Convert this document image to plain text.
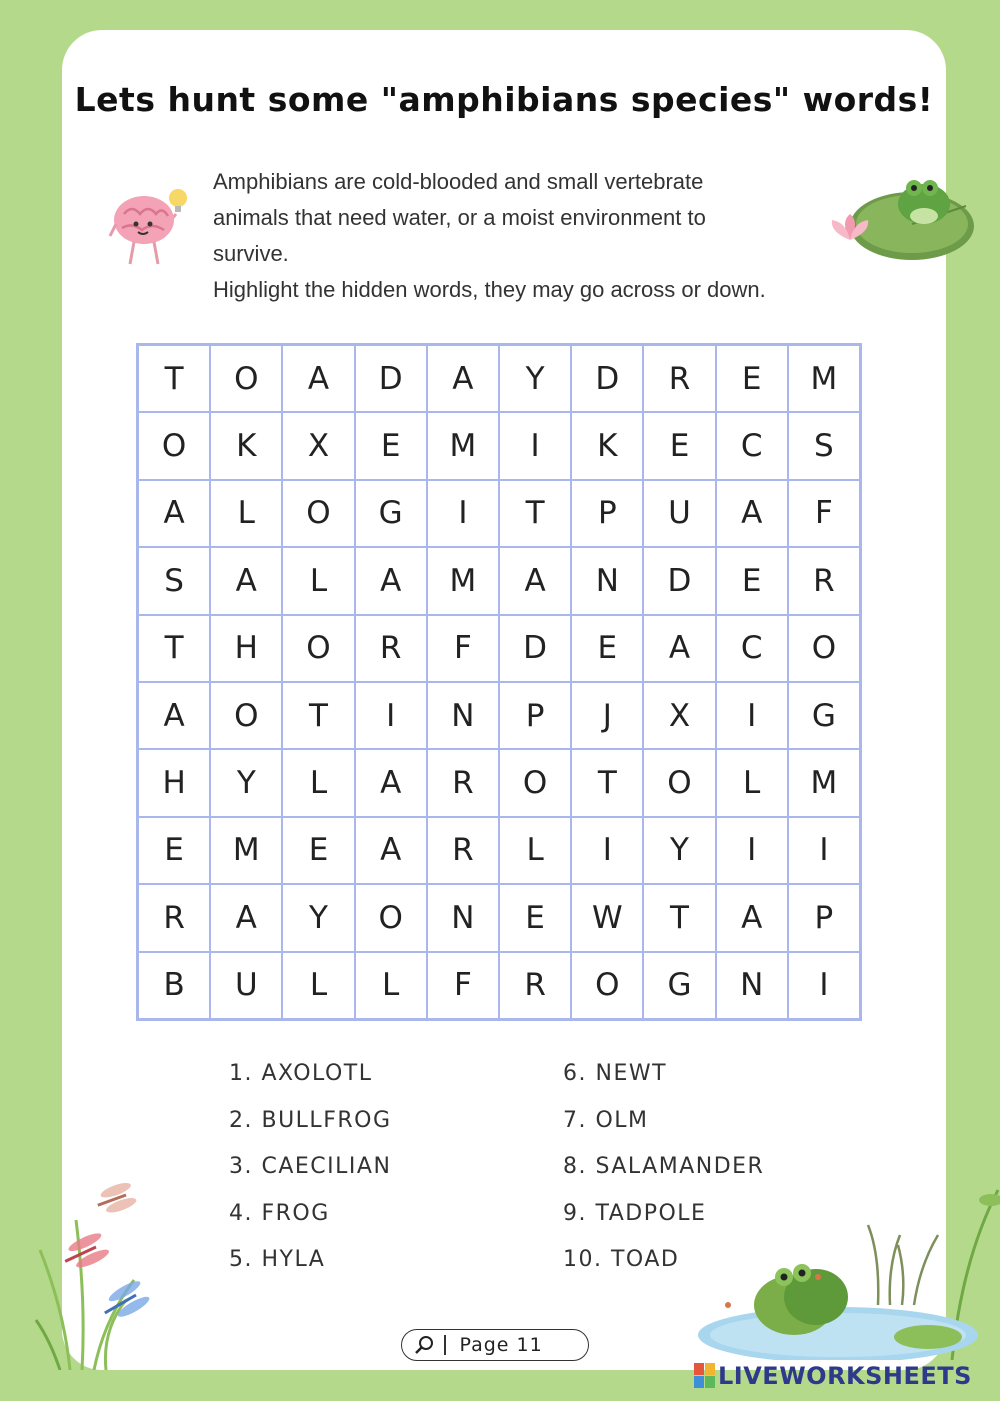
Lets hunt some "amphibians species" words!
Amphibians are cold-blooded and small vertebrate
animals that need water, or a moist environment to
survive.
Highlight the hidden words, they may go across or down.
T	O	A	D	A	Y	D	R	E	M
O	K	X	E	M	I	K	E	C	S
A	L	O	G	I	T	P	U	A	F
S	A	L	A	M	A	N	D	E	R
T	H	O	R	F	D	E	A	C	O
A	O	T	I	N	P	J	X	I	G
H	Y	L	A	R	O	T	O	L	M
E	M	E	A	R	L	I	Y	I	I
R	A	Y	O	N	E	W	T	A	P
B	U	L	L	F	R	O	G	N	I
1. AXOLOTL
2. BULLFROG
3. CAECILIAN
4. FROG
5. HYLA
6. NEWT
7. OLM
8. SALAMANDER
9. TADPOLE
10. TOAD
Page 11
LIVEWORKSHEETS
